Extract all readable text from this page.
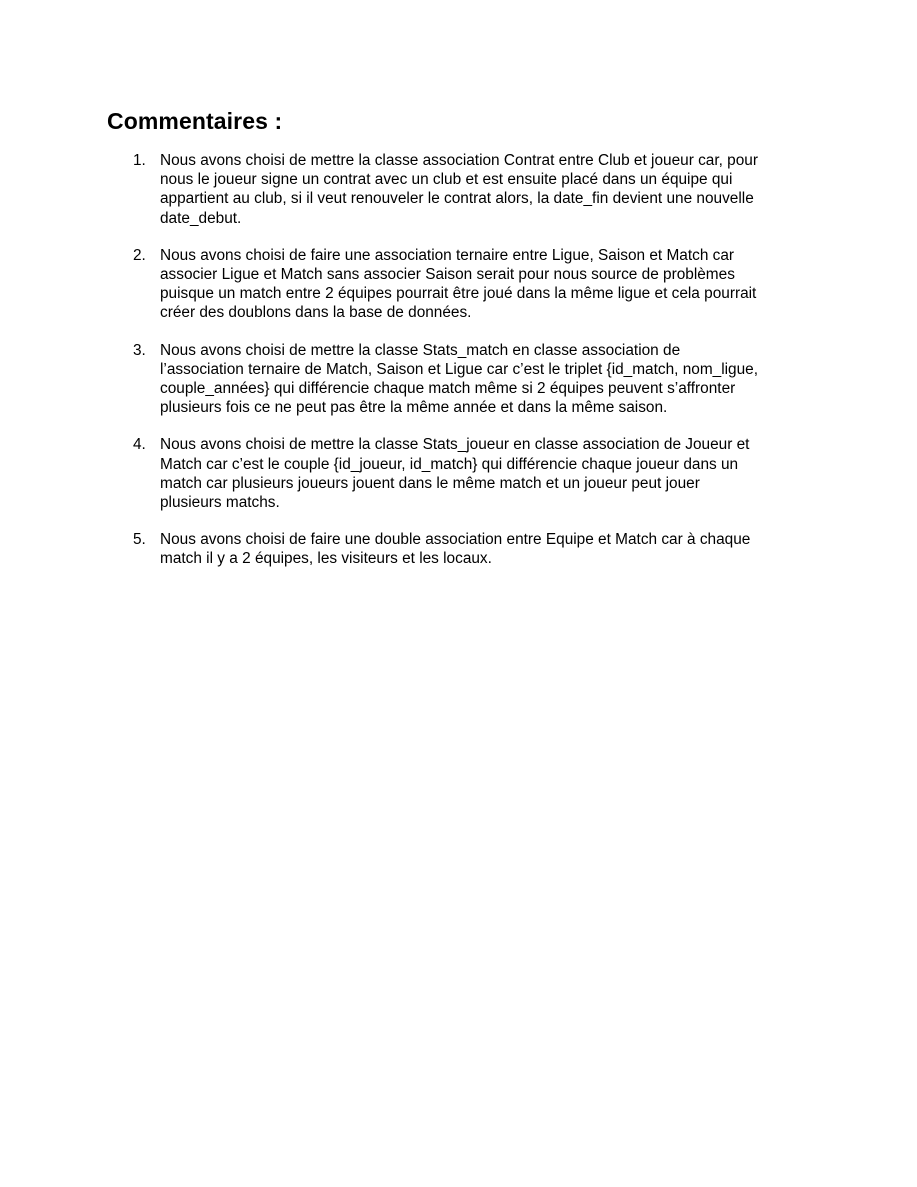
Commentaires :
1. Nous avons choisi de mettre la classe association Contrat entre Club et joueur car, pour
nous le joueur signe un contrat avec un club et est ensuite placé dans un équipe qui
appartient au club, si il veut renouveler le contrat alors, la date_fin devient une nouvelle
date_debut.
2. Nous avons choisi de faire une association ternaire entre Ligue, Saison et Match car
associer Ligue et Match sans associer Saison serait pour nous source de problèmes
puisque un match entre 2 équipes pourrait être joué dans la même ligue et cela pourrait
créer des doublons dans la base de données.
3. Nous avons choisi de mettre la classe Stats_match en classe association de
l’association ternaire de Match, Saison et Ligue car c’est le triplet {id_match, nom_ligue,
couple_années} qui différencie chaque match même si 2 équipes peuvent s’affronter
plusieurs fois ce ne peut pas être la même année et dans la même saison.
4. Nous avons choisi de mettre la classe Stats_joueur en classe association de Joueur et
Match car c’est le couple {id_joueur, id_match} qui différencie chaque joueur dans un
match car plusieurs joueurs jouent dans le même match et un joueur peut jouer
plusieurs matchs.
5. Nous avons choisi de faire une double association entre Equipe et Match car à chaque
match il y a 2 équipes, les visiteurs et les locaux.
